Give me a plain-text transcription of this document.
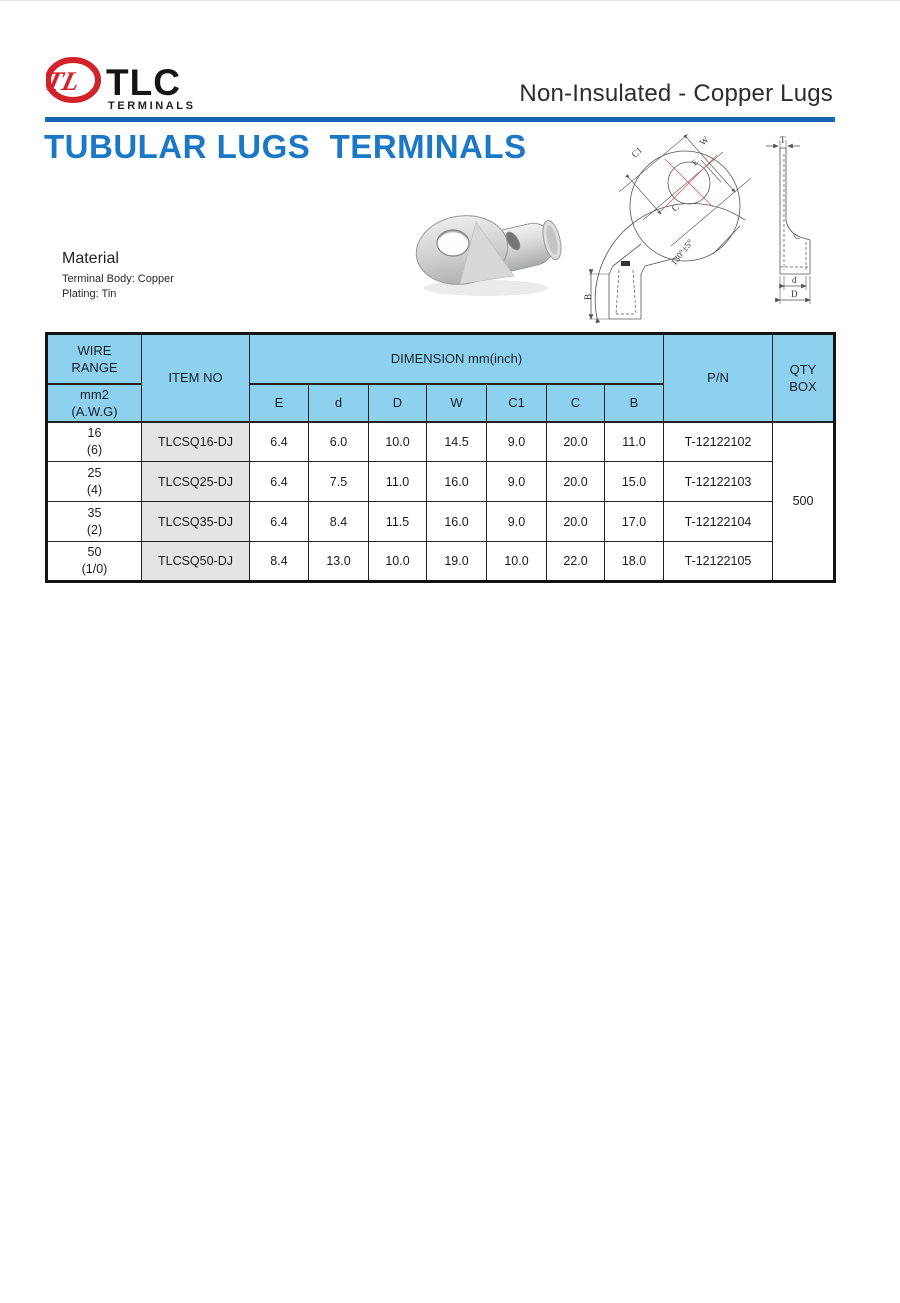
TL TLC
TERMINALS	Non-Insulated - Copper Lugs
TUBULAR LUGS  TERMINALS	C1
W
E
C
B
130°±5°
T
d
D
Material
Terminal Body: Copper
Plating: Tin
WIRE
RANGE	ITEM NO	DIMENSION mm(inch)							P/N	QTY
BOX

mm2
(A.W.G)		E	d	D	W	C1	C	B		

16
(6)	TLCSQ16-DJ	6.4	6.0	10.0	14.5	9.0	20.0	11.0	T-12122102	500

25
(4)	TLCSQ25-DJ	6.4	7.5	11.0	16.0	9.0	20.0	15.0	T-12122103	

35
(2)	TLCSQ35-DJ	6.4	8.4	11.5	16.0	9.0	20.0	17.0	T-12122104	

50
(1/0)	TLCSQ50-DJ	8.4	13.0	10.0	19.0	10.0	22.0	18.0	T-12122105	
